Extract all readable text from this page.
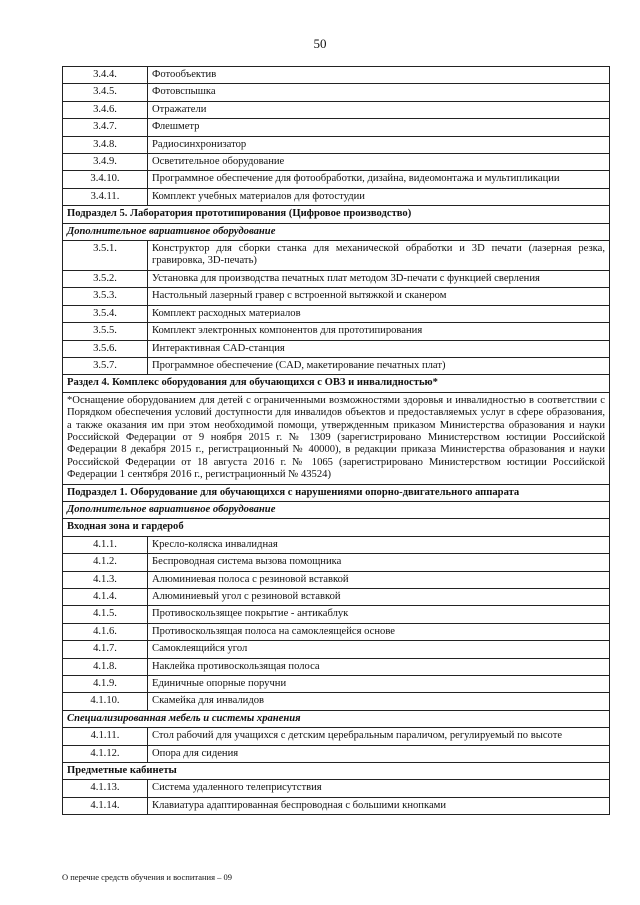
50
3.4.4.	Фотообъектив
3.4.5.	Фотовспышка
3.4.6.	Отражатели
3.4.7.	Флешметр
3.4.8.	Радиосинхронизатор
3.4.9.	Осветительное оборудование
3.4.10.	Программное обеспечение для фотообработки, дизайна, видеомонтажа и мультипликации
3.4.11.	Комплект учебных материалов для фотостудии
Подраздел 5. Лаборатория прототипирования (Цифровое производство)	
Дополнительное вариативное оборудование	
3.5.1.	Конструктор для сборки станка для механической обработки и 3D печати (лазерная резка, гравировка, 3D-печать)
3.5.2.	Установка для производства печатных плат методом 3D-печати с функцией сверления
3.5.3.	Настольный лазерный гравер с встроенной вытяжкой и сканером
3.5.4.	Комплект расходных материалов
3.5.5.	Комплект электронных компонентов для прототипирования
3.5.6.	Интерактивная CAD-станция
3.5.7.	Программное обеспечение (CAD, макетирование печатных плат)
Раздел 4. Комплекс оборудования для обучающихся с ОВЗ и инвалидностью*	
*Оснащение оборудованием для детей с ограниченными возможностями здоровья и инвалидностью в соответствии с Порядком обеспечения условий доступности для инвалидов объектов и предоставляемых услуг в сфере образования, а также оказания им при этом необходимой помощи, утвержденным приказом Министерства образования и науки Российской Федерации от 9 ноября 2015 г. № 1309 (зарегистрировано Министерством юстиции Российской Федерации 8 декабря 2015 г., регистрационный № 40000), в редакции приказа Министерства образования и науки Российской Федерации от 18 августа 2016 г. № 1065 (зарегистрировано Министерством юстиции Российской Федерации 1 сентября 2016 г., регистрационный № 43524)	
Подраздел 1. Оборудование для обучающихся с нарушениями опорно-двигательного аппарата	
Дополнительное вариативное оборудование	
Входная зона и гардероб	
4.1.1.	Кресло-коляска инвалидная
4.1.2.	Беспроводная система вызова помощника
4.1.3.	Алюминиевая полоса с резиновой вставкой
4.1.4.	Алюминиевый угол с резиновой вставкой
4.1.5.	Противоскользящее покрытие - антикаблук
4.1.6.	Противоскользящая полоса на самоклеящейся основе
4.1.7.	Самоклеящийся угол
4.1.8.	Наклейка противоскользящая полоса
4.1.9.	Единичные опорные поручни
4.1.10.	Скамейка для инвалидов
Специализированная мебель и системы хранения	
4.1.11.	Стол рабочий для учащихся с детским церебральным параличом, регулируемый по высоте
4.1.12.	Опора для сидения
Предметные кабинеты	
4.1.13.	Система удаленного телеприсутствия
4.1.14.	Клавиатура адаптированная беспроводная с большими кнопками
О перечне средств обучения и воспитания – 09
